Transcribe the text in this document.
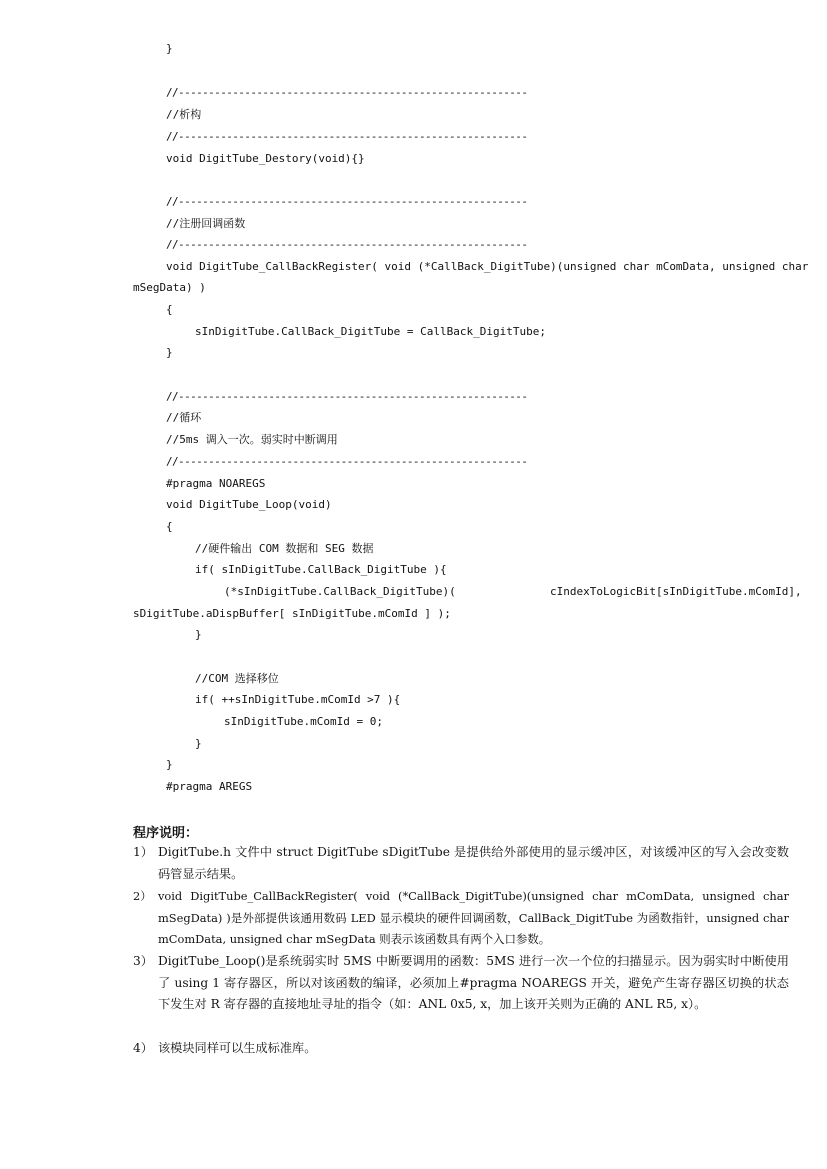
}
//----------------------------------------------------------
//析构
//----------------------------------------------------------
void DigitTube_Destory(void){}
//----------------------------------------------------------
//注册回调函数
//----------------------------------------------------------
void DigitTube_CallBackRegister( void (*CallBack_DigitTube)(unsigned char mComData, unsigned char
mSegData) )
{
sInDigitTube.CallBack_DigitTube = CallBack_DigitTube;
}
//----------------------------------------------------------
//循环
//5ms 调入一次。弱实时中断调用
//----------------------------------------------------------
#pragma NOAREGS
void DigitTube_Loop(void)
{
//硬件输出 COM 数据和 SEG 数据
if( sInDigitTube.CallBack_DigitTube ){
(*sInDigitTube.CallBack_DigitTube)(	cIndexToLogicBit[sInDigitTube.mComId],
sDigitTube.aDispBuffer[ sInDigitTube.mComId ] );
}
//COM 选择移位
if( ++sInDigitTube.mComId >7 ){
sInDigitTube.mComId = 0;
}
}
#pragma AREGS
程序说明：
1） DigitTube.h 文件中 struct DigitTube sDigitTube 是提供给外部使用的显示缓冲区，对该缓冲区的写入会改变数码管显示结果。
2） void DigitTube_CallBackRegister( void (*CallBack_DigitTube)(unsigned char mComData, unsigned char mSegData) )是外部提供该通用数码 LED 显示模块的硬件回调函数，CallBack_DigitTube 为函数指针，unsigned char mComData, unsigned char mSegData 则表示该函数具有两个入口参数。
3） DigitTube_Loop()是系统弱实时 5MS 中断要调用的函数：5MS 进行一次一个位的扫描显示。因为弱实时中断使用了 using 1 寄存器区，所以对该函数的编译，必须加上#pragma NOAREGS 开关，避免产生寄存器区切换的状态下发生对 R 寄存器的直接地址寻址的指令（如：ANL 0x5, x，加上该开关则为正确的 ANL R5, x）。
4） 该模块同样可以生成标准库。
